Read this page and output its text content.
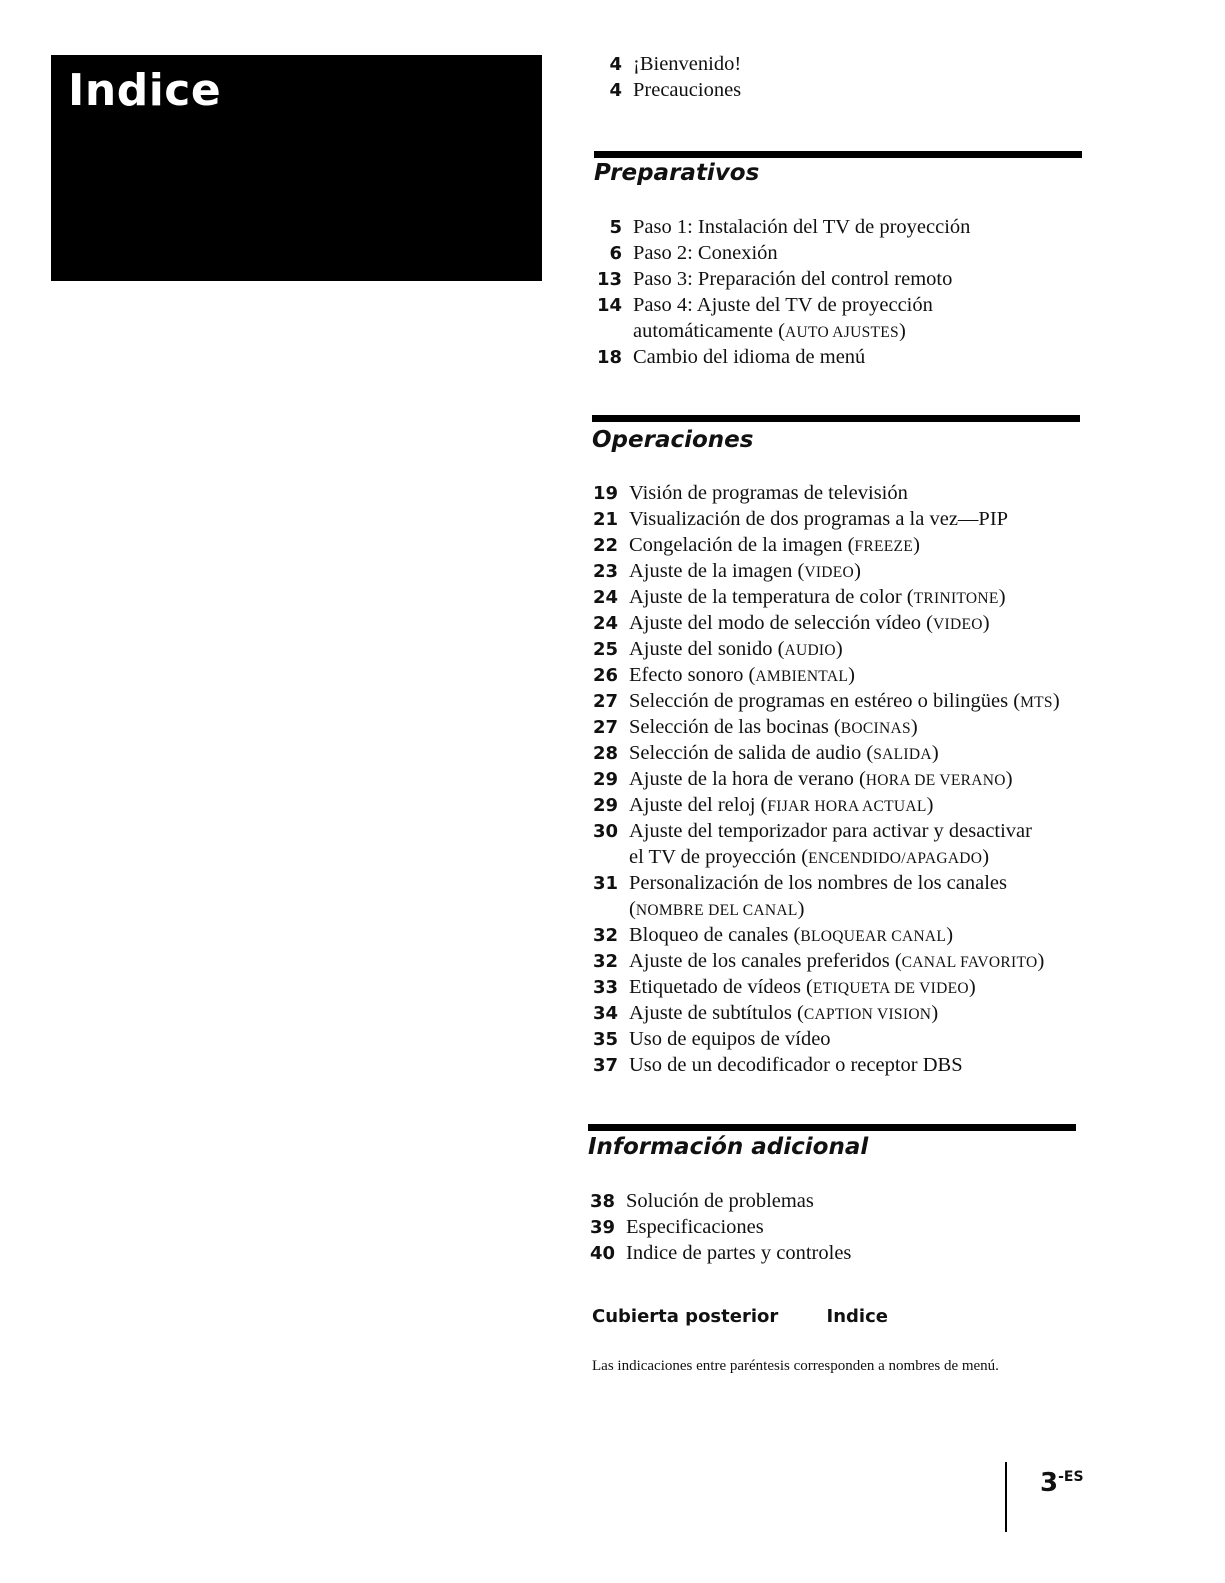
Indice
4 ¡Bienvenido!
4 Precauciones
Preparativos
5 Paso 1: Instalación del TV de proyección
6 Paso 2: Conexión
13 Paso 3: Preparación del control remoto
14 Paso 4: Ajuste del TV de proyección
automáticamente (AUTO AJUSTES)
18 Cambio del idioma de menú
Operaciones
19 Visión de programas de televisión
21 Visualización de dos programas a la vez—PIP
22 Congelación de la imagen (FREEZE)
23 Ajuste de la imagen (VIDEO)
24 Ajuste de la temperatura de color (TRINITONE)
24 Ajuste del modo de selección vídeo (VIDEO)
25 Ajuste del sonido (AUDIO)
26 Efecto sonoro (AMBIENTAL)
27 Selección de programas en estéreo o bilingües (MTS)
27 Selección de las bocinas (BOCINAS)
28 Selección de salida de audio (SALIDA)
29 Ajuste de la hora de verano (HORA DE VERANO)
29 Ajuste del reloj (FIJAR HORA ACTUAL)
30 Ajuste del temporizador para activar y desactivar
el TV de proyección (ENCENDIDO/APAGADO)
31 Personalización de los nombres de los canales
(NOMBRE DEL CANAL)
32 Bloqueo de canales (BLOQUEAR CANAL)
32 Ajuste de los canales preferidos (CANAL FAVORITO)
33 Etiquetado de vídeos (ETIQUETA DE VIDEO)
34 Ajuste de subtítulos (CAPTION VISION)
35 Uso de equipos de vídeo
37 Uso de un decodificador o receptor DBS
Información adicional
38 Solución de problemas
39 Especificaciones
40 Indice de partes y controles
Cubierta posterior	Indice
Las indicaciones entre paréntesis corresponden a nombres de menú.
$3^{-ES}$
